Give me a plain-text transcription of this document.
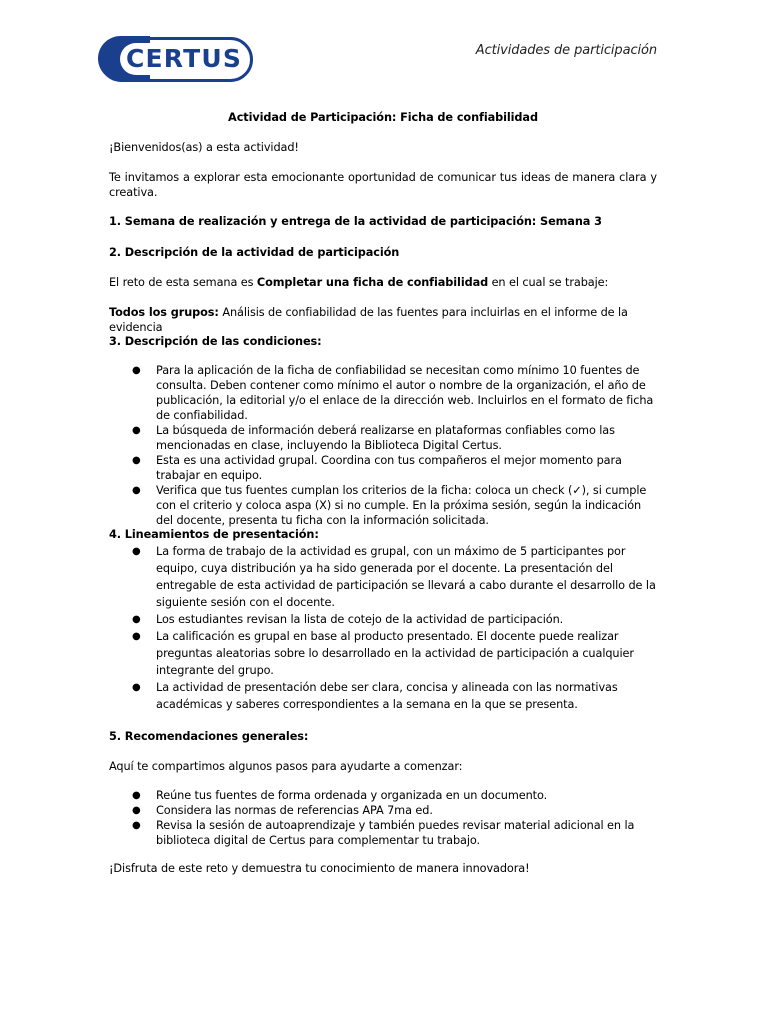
CERTUS	Actividades de participación

Actividad de Participación: Ficha de confiabilidad

¡Bienvenidos(as) a esta actividad!

Te invitamos a explorar esta emocionante oportunidad de comunicar tus ideas de manera clara y creativa.

1. Semana de realización y entrega de la actividad de participación: Semana 3

2. Descripción de la actividad de participación

El reto de esta semana es Completar una ficha de confiabilidad en el cual se trabaje:

Todos los grupos: Análisis de confiabilidad de las fuentes para incluirlas en el informe de la evidencia

3. Descripción de las condiciones:

● Para la aplicación de la ficha de confiabilidad se necesitan como mínimo 10 fuentes de consulta. Deben contener como mínimo el autor o nombre de la organización, el año de publicación, la editorial y/o el enlace de la dirección web. Incluirlos en el formato de ficha de confiabilidad.
● La búsqueda de información deberá realizarse en plataformas confiables como las mencionadas en clase, incluyendo la Biblioteca Digital Certus.
● Esta es una actividad grupal. Coordina con tus compañeros el mejor momento para trabajar en equipo.
● Verifica que tus fuentes cumplan los criterios de la ficha: coloca un check (✓), si cumple con el criterio y coloca aspa (X) si no cumple. En la próxima sesión, según la indicación del docente, presenta tu ficha con la información solicitada.

4. Lineamientos de presentación:

● La forma de trabajo de la actividad es grupal, con un máximo de 5 participantes por equipo, cuya distribución ya ha sido generada por el docente. La presentación del entregable de esta actividad de participación se llevará a cabo durante el desarrollo de la siguiente sesión con el docente.
● Los estudiantes revisan la lista de cotejo de la actividad de participación.
● La calificación es grupal en base al producto presentado. El docente puede realizar preguntas aleatorias sobre lo desarrollado en la actividad de participación a cualquier integrante del grupo.
● La actividad de presentación debe ser clara, concisa y alineada con las normativas académicas y saberes correspondientes a la semana en la que se presenta.

5. Recomendaciones generales:

Aquí te compartimos algunos pasos para ayudarte a comenzar:

● Reúne tus fuentes de forma ordenada y organizada en un documento.
● Considera las normas de referencias APA 7ma ed.
● Revisa la sesión de autoaprendizaje y también puedes revisar material adicional en la biblioteca digital de Certus para complementar tu trabajo.

¡Disfruta de este reto y demuestra tu conocimiento de manera innovadora!
